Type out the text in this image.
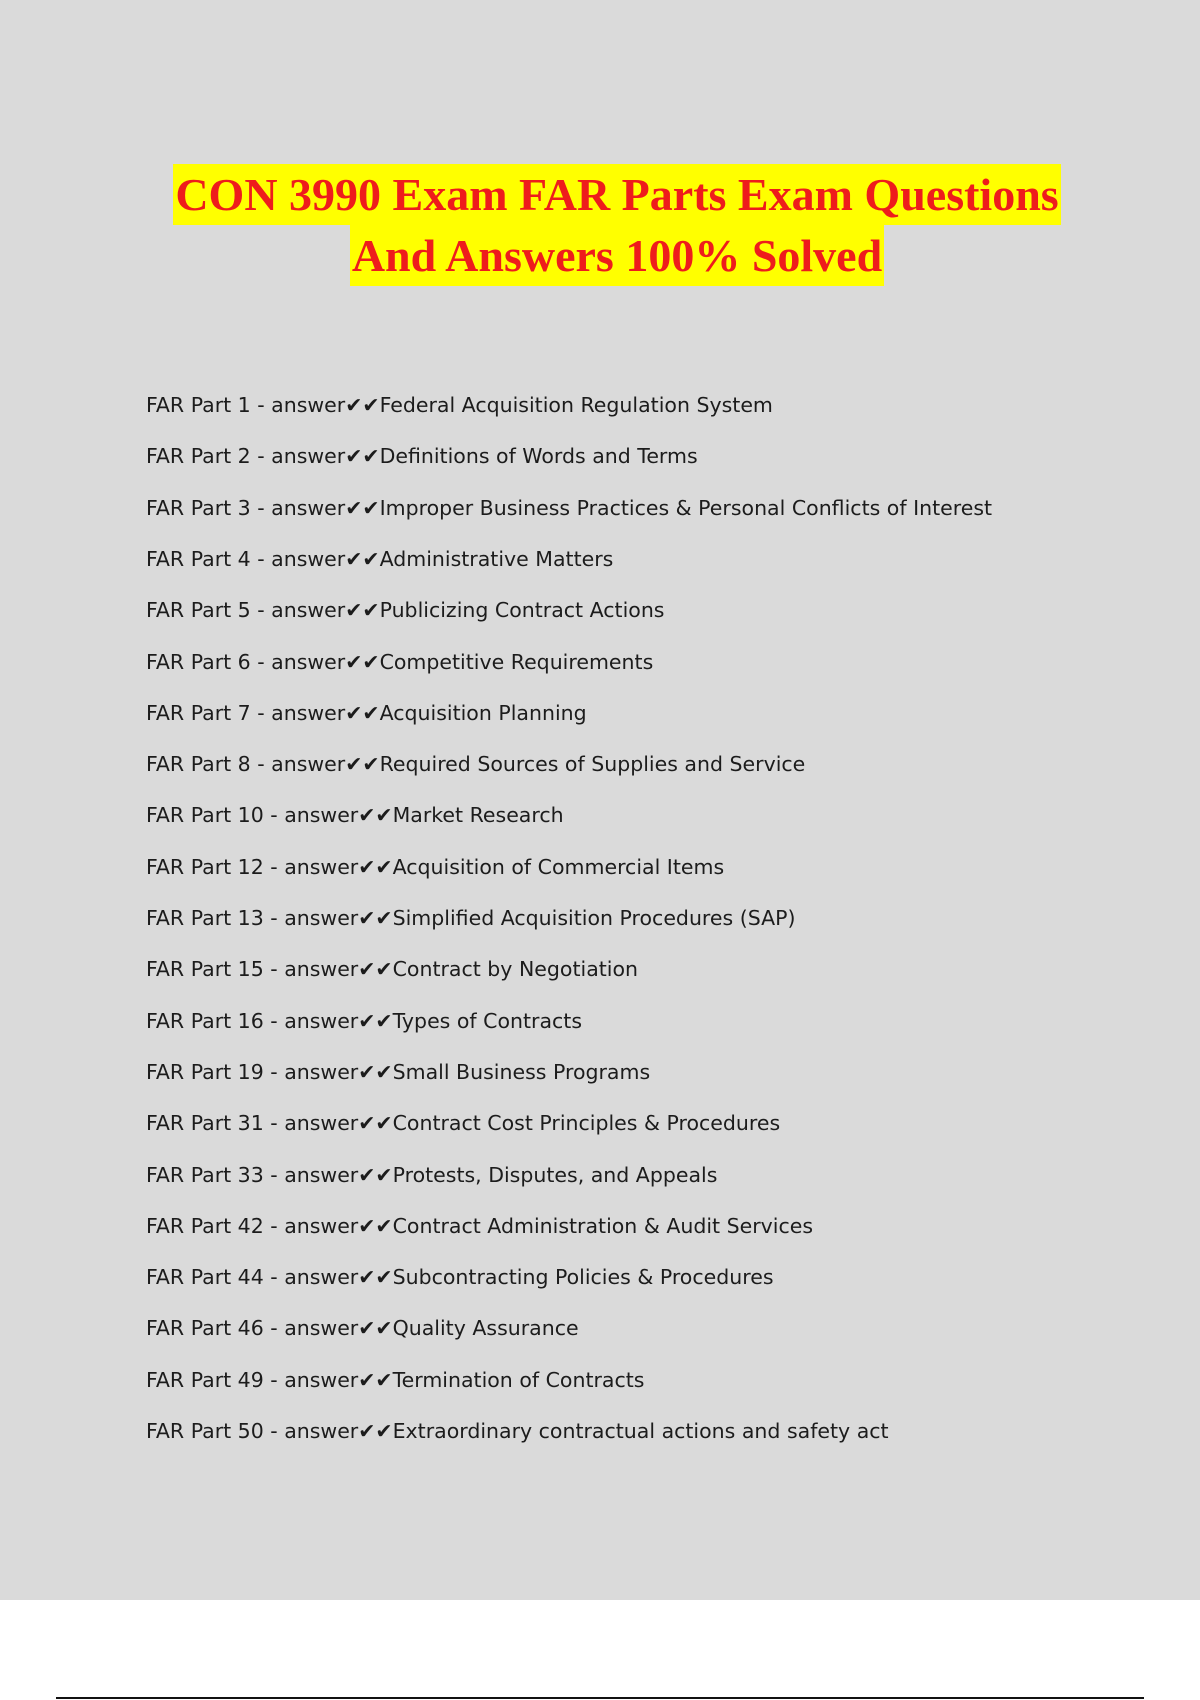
CON 3990 Exam FAR Parts Exam Questions
And Answers 100% Solved
FAR Part 1 - answer✔✔Federal Acquisition Regulation System
FAR Part 2 - answer✔✔Definitions of Words and Terms
FAR Part 3 - answer✔✔Improper Business Practices & Personal Conflicts of Interest
FAR Part 4 - answer✔✔Administrative Matters
FAR Part 5 - answer✔✔Publicizing Contract Actions
FAR Part 6 - answer✔✔Competitive Requirements
FAR Part 7 - answer✔✔Acquisition Planning
FAR Part 8 - answer✔✔Required Sources of Supplies and Service
FAR Part 10 - answer✔✔Market Research
FAR Part 12 - answer✔✔Acquisition of Commercial Items
FAR Part 13 - answer✔✔Simplified Acquisition Procedures (SAP)
FAR Part 15 - answer✔✔Contract by Negotiation
FAR Part 16 - answer✔✔Types of Contracts
FAR Part 19 - answer✔✔Small Business Programs
FAR Part 31 - answer✔✔Contract Cost Principles & Procedures
FAR Part 33 - answer✔✔Protests, Disputes, and Appeals
FAR Part 42 - answer✔✔Contract Administration & Audit Services
FAR Part 44 - answer✔✔Subcontracting Policies & Procedures
FAR Part 46 - answer✔✔Quality Assurance
FAR Part 49 - answer✔✔Termination of Contracts
FAR Part 50 - answer✔✔Extraordinary contractual actions and safety act
